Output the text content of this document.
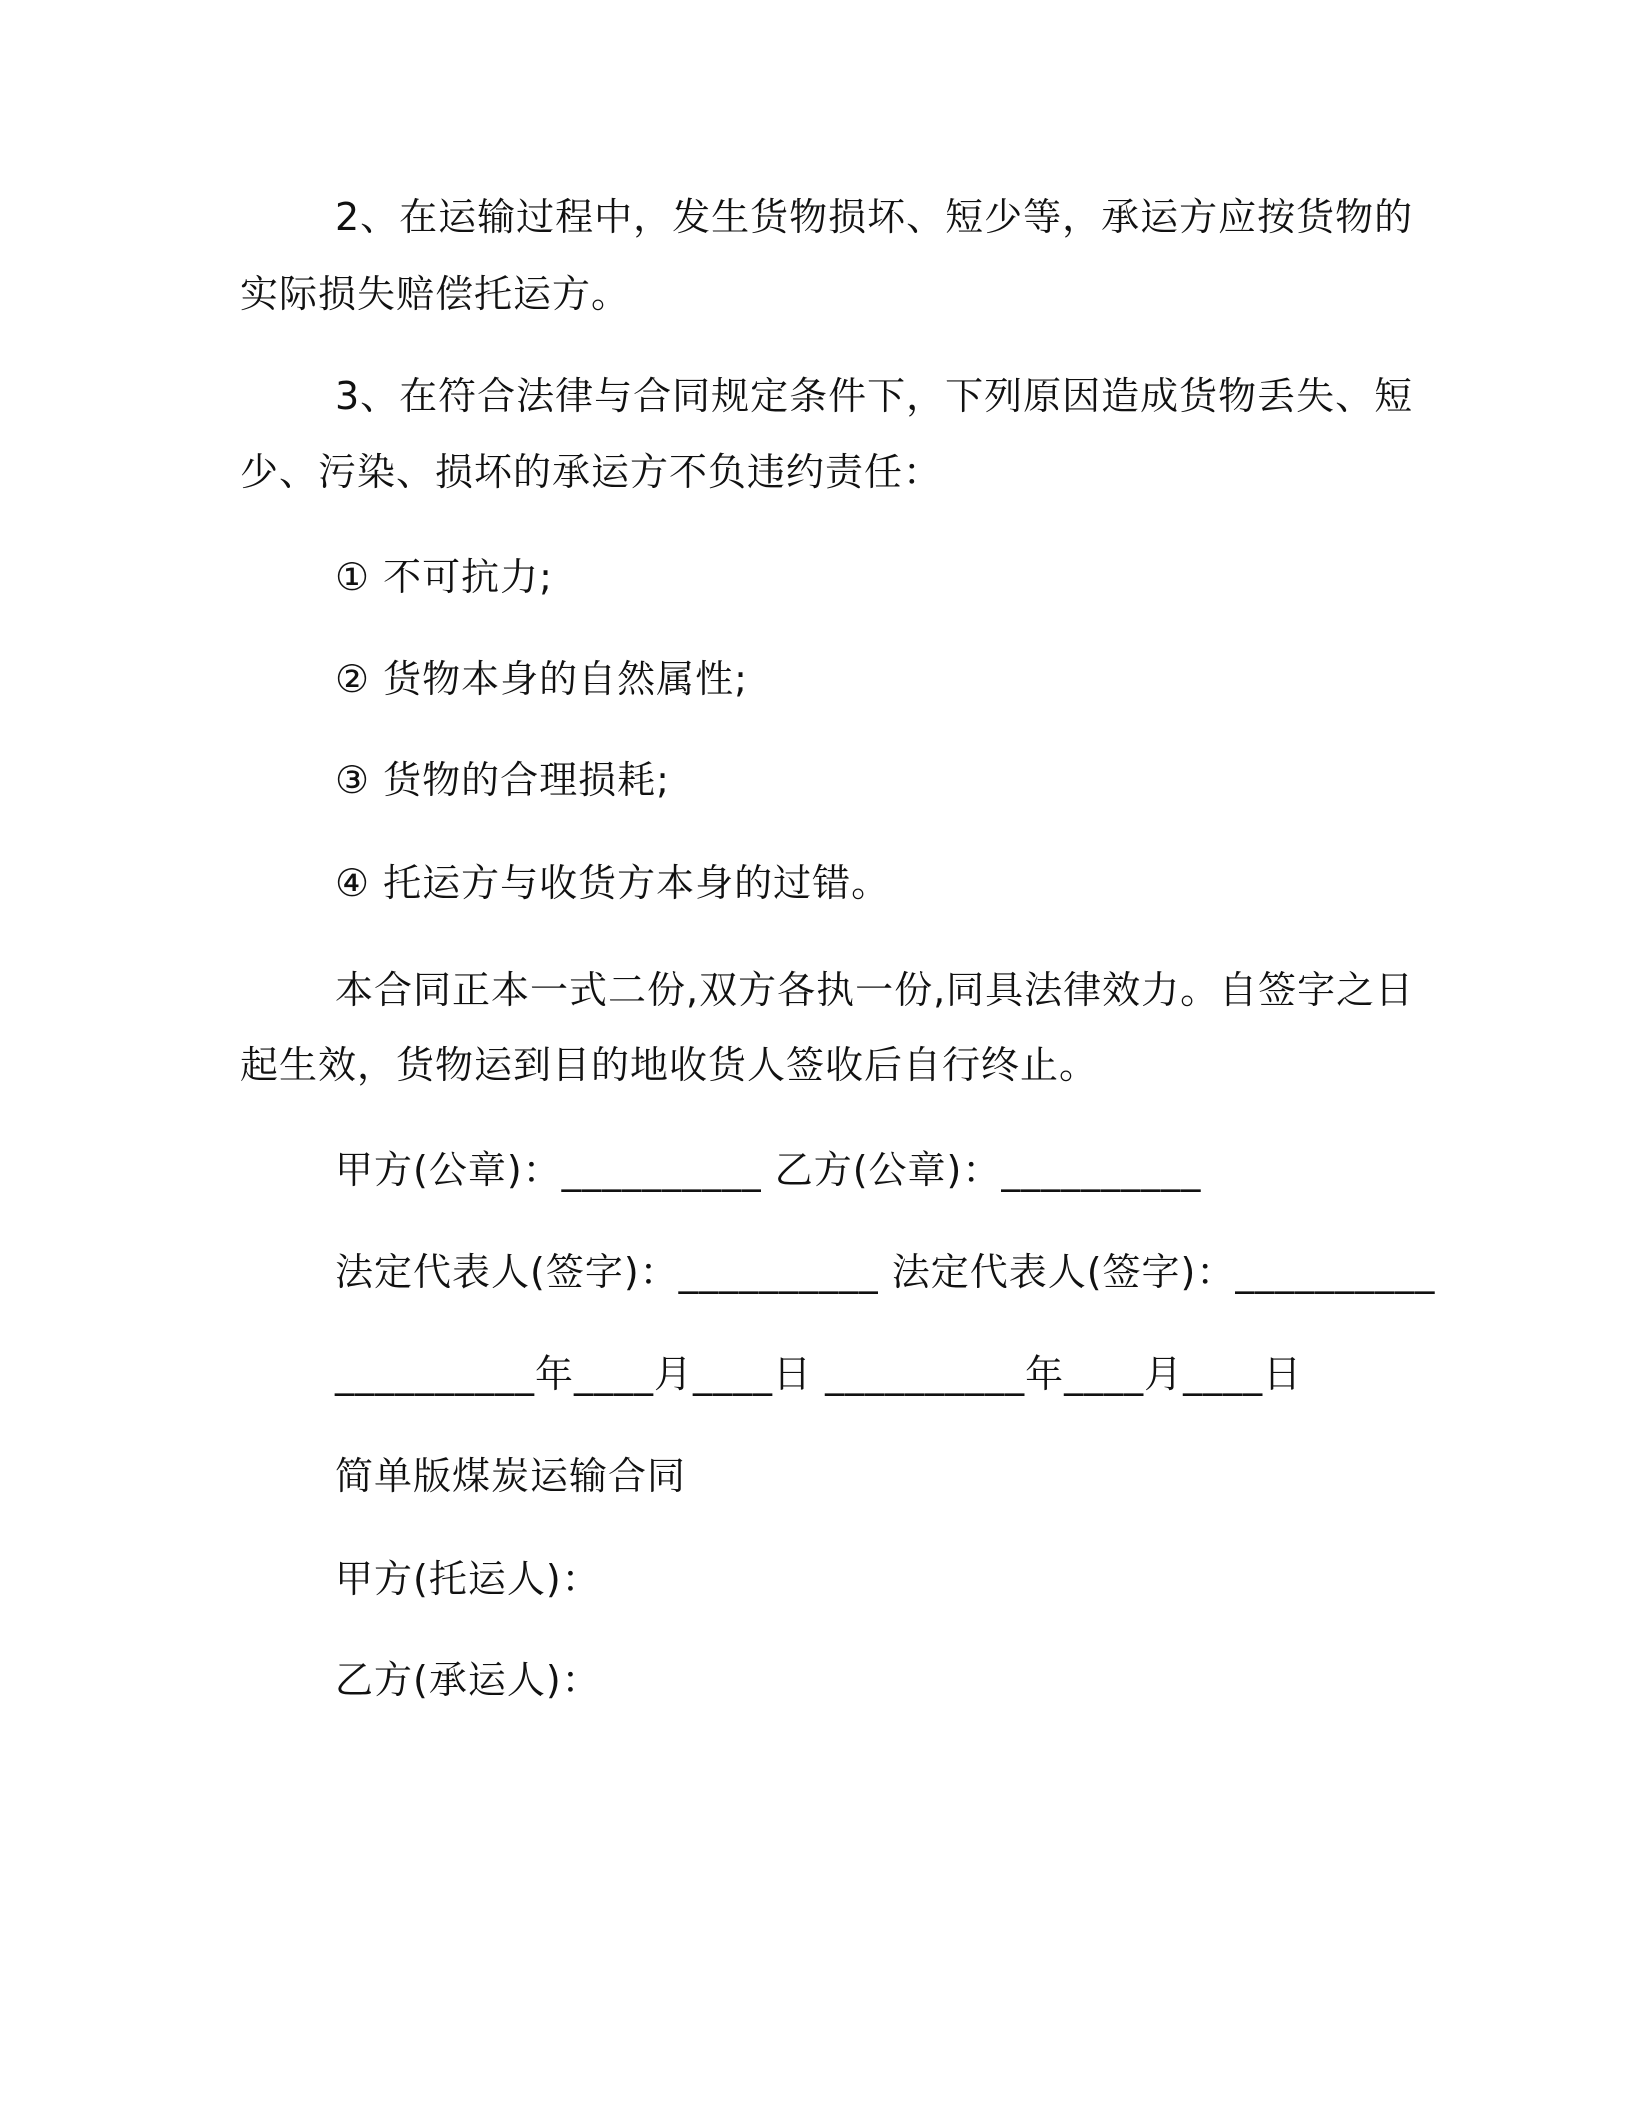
2、在运输过程中，发生货物损坏、短少等，承运方应按货物的
实际损失赔偿托运方。
3、在符合法律与合同规定条件下，下列原因造成货物丢失、短
少、污染、损坏的承运方不负违约责任：
① 不可抗力;
② 货物本身的自然属性;
③ 货物的合理损耗;
④ 托运方与收货方本身的过错。
本合同正本一式二份,双方各执一份,同具法律效力。自签字之日
起生效，货物运到目的地收货人签收后自行终止。
甲方(公章)：__________ 乙方(公章)：__________
法定代表人(签字)：__________ 法定代表人(签字)：__________
__________年____月____日 __________年____月____日
简单版煤炭运输合同
甲方(托运人)：
乙方(承运人)：
